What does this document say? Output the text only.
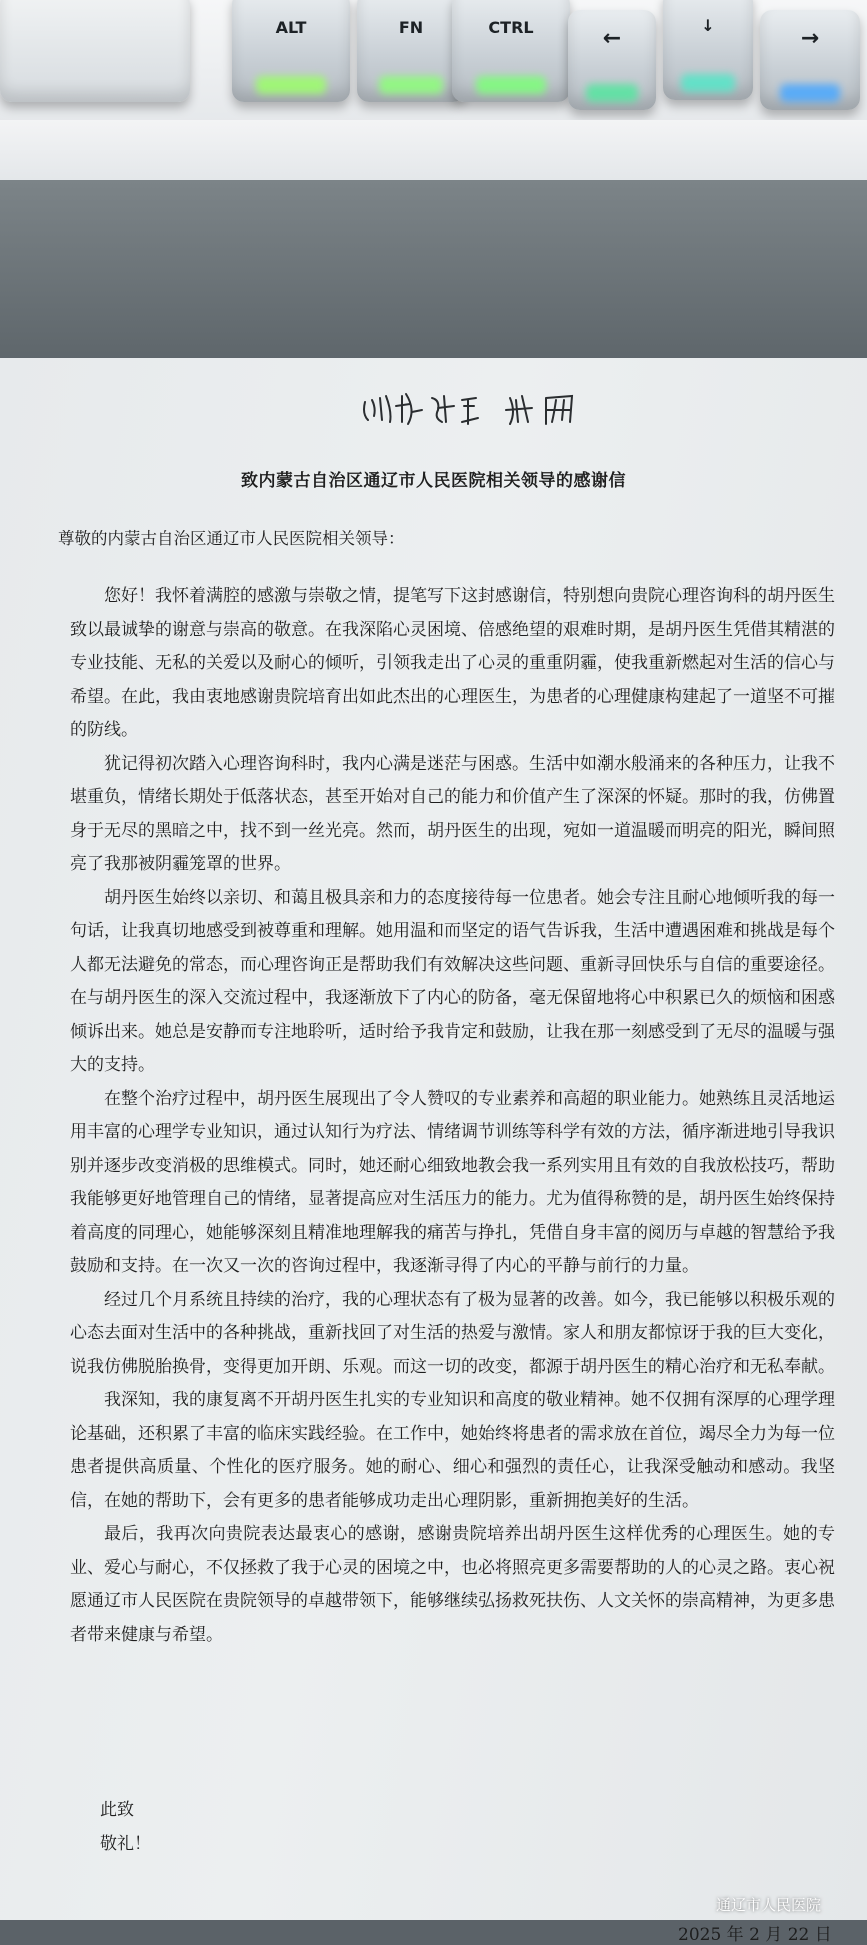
ALT	FN	CTRL	←
↓
→
致内蒙古自治区通辽市人民医院相关领导的感谢信
尊敬的内蒙古自治区通辽市人民医院相关领导：

您好！我怀着满腔的感激与崇敬之情，提笔写下这封感谢信，特别想向贵院心理咨询科的胡丹医生致以最诚挚的谢意与崇高的敬意。在我深陷心灵困境、倍感绝望的艰难时期，是胡丹医生凭借其精湛的专业技能、无私的关爱以及耐心的倾听，引领我走出了心灵的重重阴霾，使我重新燃起对生活的信心与希望。在此，我由衷地感谢贵院培育出如此杰出的心理医生，为患者的心理健康构建起了一道坚不可摧的防线。

犹记得初次踏入心理咨询科时，我内心满是迷茫与困惑。生活中如潮水般涌来的各种压力，让我不堪重负，情绪长期处于低落状态，甚至开始对自己的能力和价值产生了深深的怀疑。那时的我，仿佛置身于无尽的黑暗之中，找不到一丝光亮。然而，胡丹医生的出现，宛如一道温暖而明亮的阳光，瞬间照亮了我那被阴霾笼罩的世界。

胡丹医生始终以亲切、和蔼且极具亲和力的态度接待每一位患者。她会专注且耐心地倾听我的每一句话，让我真切地感受到被尊重和理解。她用温和而坚定的语气告诉我，生活中遭遇困难和挑战是每个人都无法避免的常态，而心理咨询正是帮助我们有效解决这些问题、重新寻回快乐与自信的重要途径。在与胡丹医生的深入交流过程中，我逐渐放下了内心的防备，毫无保留地将心中积累已久的烦恼和困惑倾诉出来。她总是安静而专注地聆听，适时给予我肯定和鼓励，让我在那一刻感受到了无尽的温暖与强大的支持。

在整个治疗过程中，胡丹医生展现出了令人赞叹的专业素养和高超的职业能力。她熟练且灵活地运用丰富的心理学专业知识，通过认知行为疗法、情绪调节训练等科学有效的方法，循序渐进地引导我识别并逐步改变消极的思维模式。同时，她还耐心细致地教会我一系列实用且有效的自我放松技巧，帮助我能够更好地管理自己的情绪，显著提高应对生活压力的能力。尤为值得称赞的是，胡丹医生始终保持着高度的同理心，她能够深刻且精准地理解我的痛苦与挣扎，凭借自身丰富的阅历与卓越的智慧给予我鼓励和支持。在一次又一次的咨询过程中，我逐渐寻得了内心的平静与前行的力量。

经过几个月系统且持续的治疗，我的心理状态有了极为显著的改善。如今，我已能够以积极乐观的心态去面对生活中的各种挑战，重新找回了对生活的热爱与激情。家人和朋友都惊讶于我的巨大变化，说我仿佛脱胎换骨，变得更加开朗、乐观。而这一切的改变，都源于胡丹医生的精心治疗和无私奉献。

我深知，我的康复离不开胡丹医生扎实的专业知识和高度的敬业精神。她不仅拥有深厚的心理学理论基础，还积累了丰富的临床实践经验。在工作中，她始终将患者的需求放在首位，竭尽全力为每一位患者提供高质量、个性化的医疗服务。她的耐心、细心和强烈的责任心，让我深受触动和感动。我坚信，在她的帮助下，会有更多的患者能够成功走出心理阴影，重新拥抱美好的生活。

最后，我再次向贵院表达最衷心的感谢，感谢贵院培养出胡丹医生这样优秀的心理医生。她的专业、爱心与耐心，不仅拯救了我于心灵的困境之中，也必将照亮更多需要帮助的人的心灵之路。衷心祝愿通辽市人民医院在贵院领导的卓越带领下，能够继续弘扬救死扶伤、人文关怀的崇高精神，为更多患者带来健康与希望。

此致
敬礼！
2025 年 2 月 22 日
通辽市人民医院
